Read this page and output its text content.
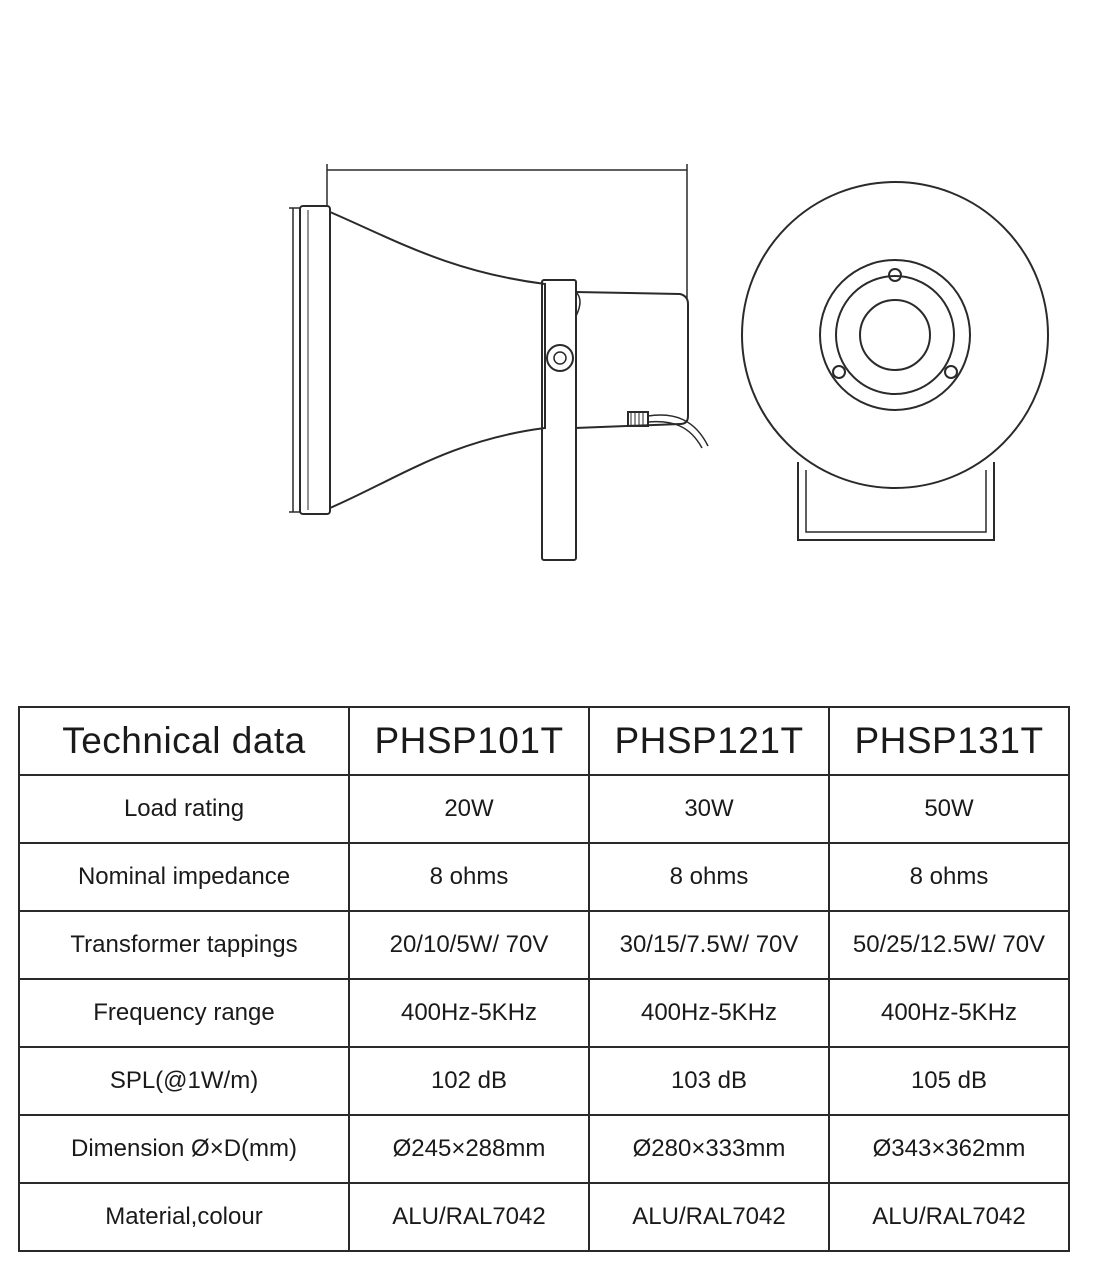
Technical data	PHSP101T	PHSP121T	PHSP131T
Load rating	20W	30W	50W
Nominal impedance	8 ohms	8 ohms	8 ohms
Transformer tappings	20/10/5W/ 70V	30/15/7.5W/ 70V	50/25/12.5W/ 70V
Frequency range	400Hz-5KHz	400Hz-5KHz	400Hz-5KHz
SPL(@1W/m)	102 dB	103 dB	105 dB
Dimension Ø×D(mm)	Ø245×288mm	Ø280×333mm	Ø343×362mm
Material,colour	ALU/RAL7042	ALU/RAL7042	ALU/RAL7042
